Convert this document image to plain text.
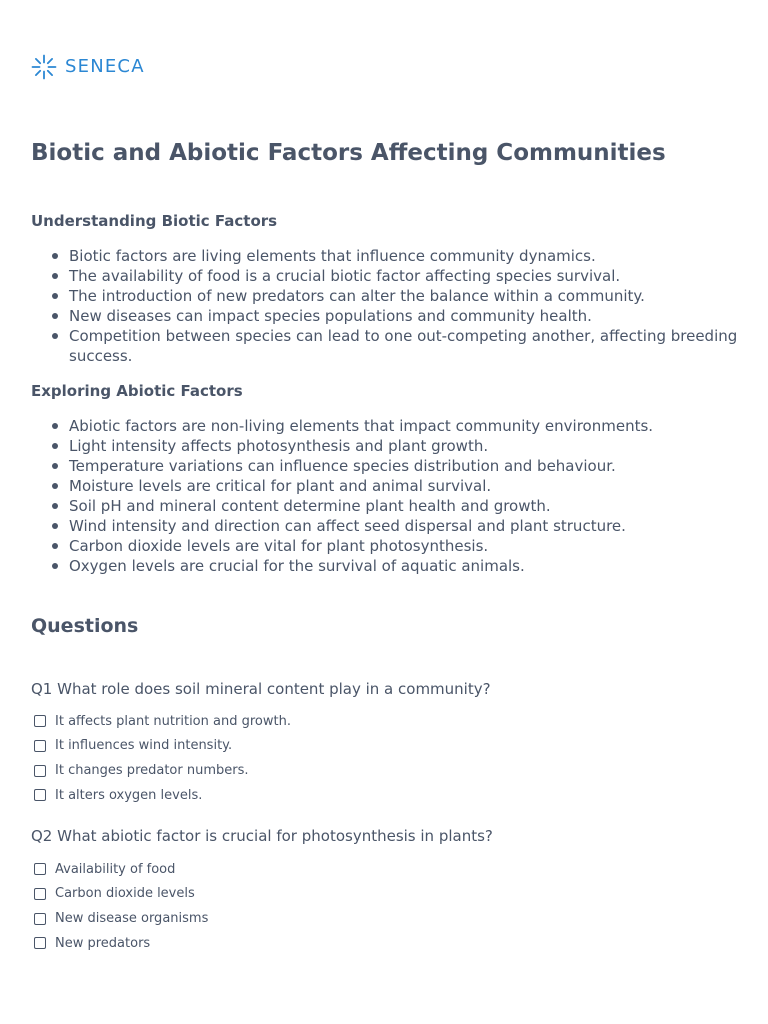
SENECA
Biotic and Abiotic Factors Affecting Communities
Understanding Biotic Factors
Biotic factors are living elements that influence community dynamics.
The availability of food is a crucial biotic factor affecting species survival.
The introduction of new predators can alter the balance within a community.
New diseases can impact species populations and community health.
Competition between species can lead to one out-competing another, affecting breeding success.
Exploring Abiotic Factors
Abiotic factors are non-living elements that impact community environments.
Light intensity affects photosynthesis and plant growth.
Temperature variations can influence species distribution and behaviour.
Moisture levels are critical for plant and animal survival.
Soil pH and mineral content determine plant health and growth.
Wind intensity and direction can affect seed dispersal and plant structure.
Carbon dioxide levels are vital for plant photosynthesis.
Oxygen levels are crucial for the survival of aquatic animals.
Questions

Q1 What role does soil mineral content play in a community?

It affects plant nutrition and growth.
It influences wind intensity.
It changes predator numbers.
It alters oxygen levels.

Q2 What abiotic factor is crucial for photosynthesis in plants?

Availability of food
Carbon dioxide levels
New disease organisms
New predators
